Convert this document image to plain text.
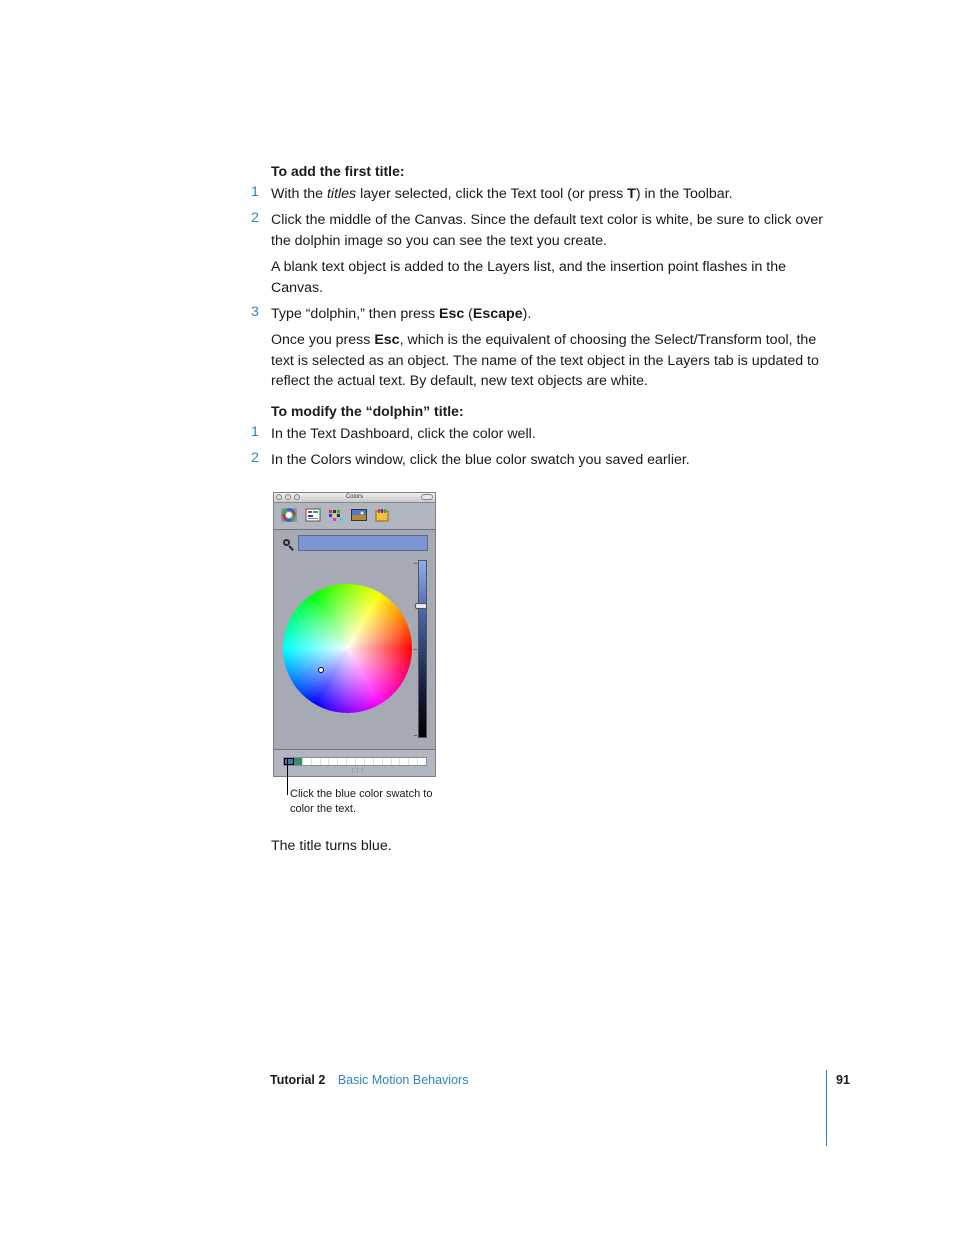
To add the first title:
1 With the titles layer selected, click the Text tool (or press T) in the Toolbar.
2 Click the middle of the Canvas. Since the default text color is white, be sure to click over the dolphin image so you can see the text you create.
A blank text object is added to the Layers list, and the insertion point flashes in the Canvas.
3 Type “dolphin,” then press Esc (Escape).
Once you press Esc, which is the equivalent of choosing the Select/Transform tool, the text is selected as an object. The name of the text object in the Layers tab is updated to reflect the actual text. By default, new text objects are white.
To modify the “dolphin” title:
1 In the Text Dashboard, click the color well.
2 In the Colors window, click the blue color swatch you saved earlier.
Colors
⋮⋮⋮
Click the blue color swatch to color the text.
The title turns blue.
Tutorial 2 Basic Motion Behaviors	91
